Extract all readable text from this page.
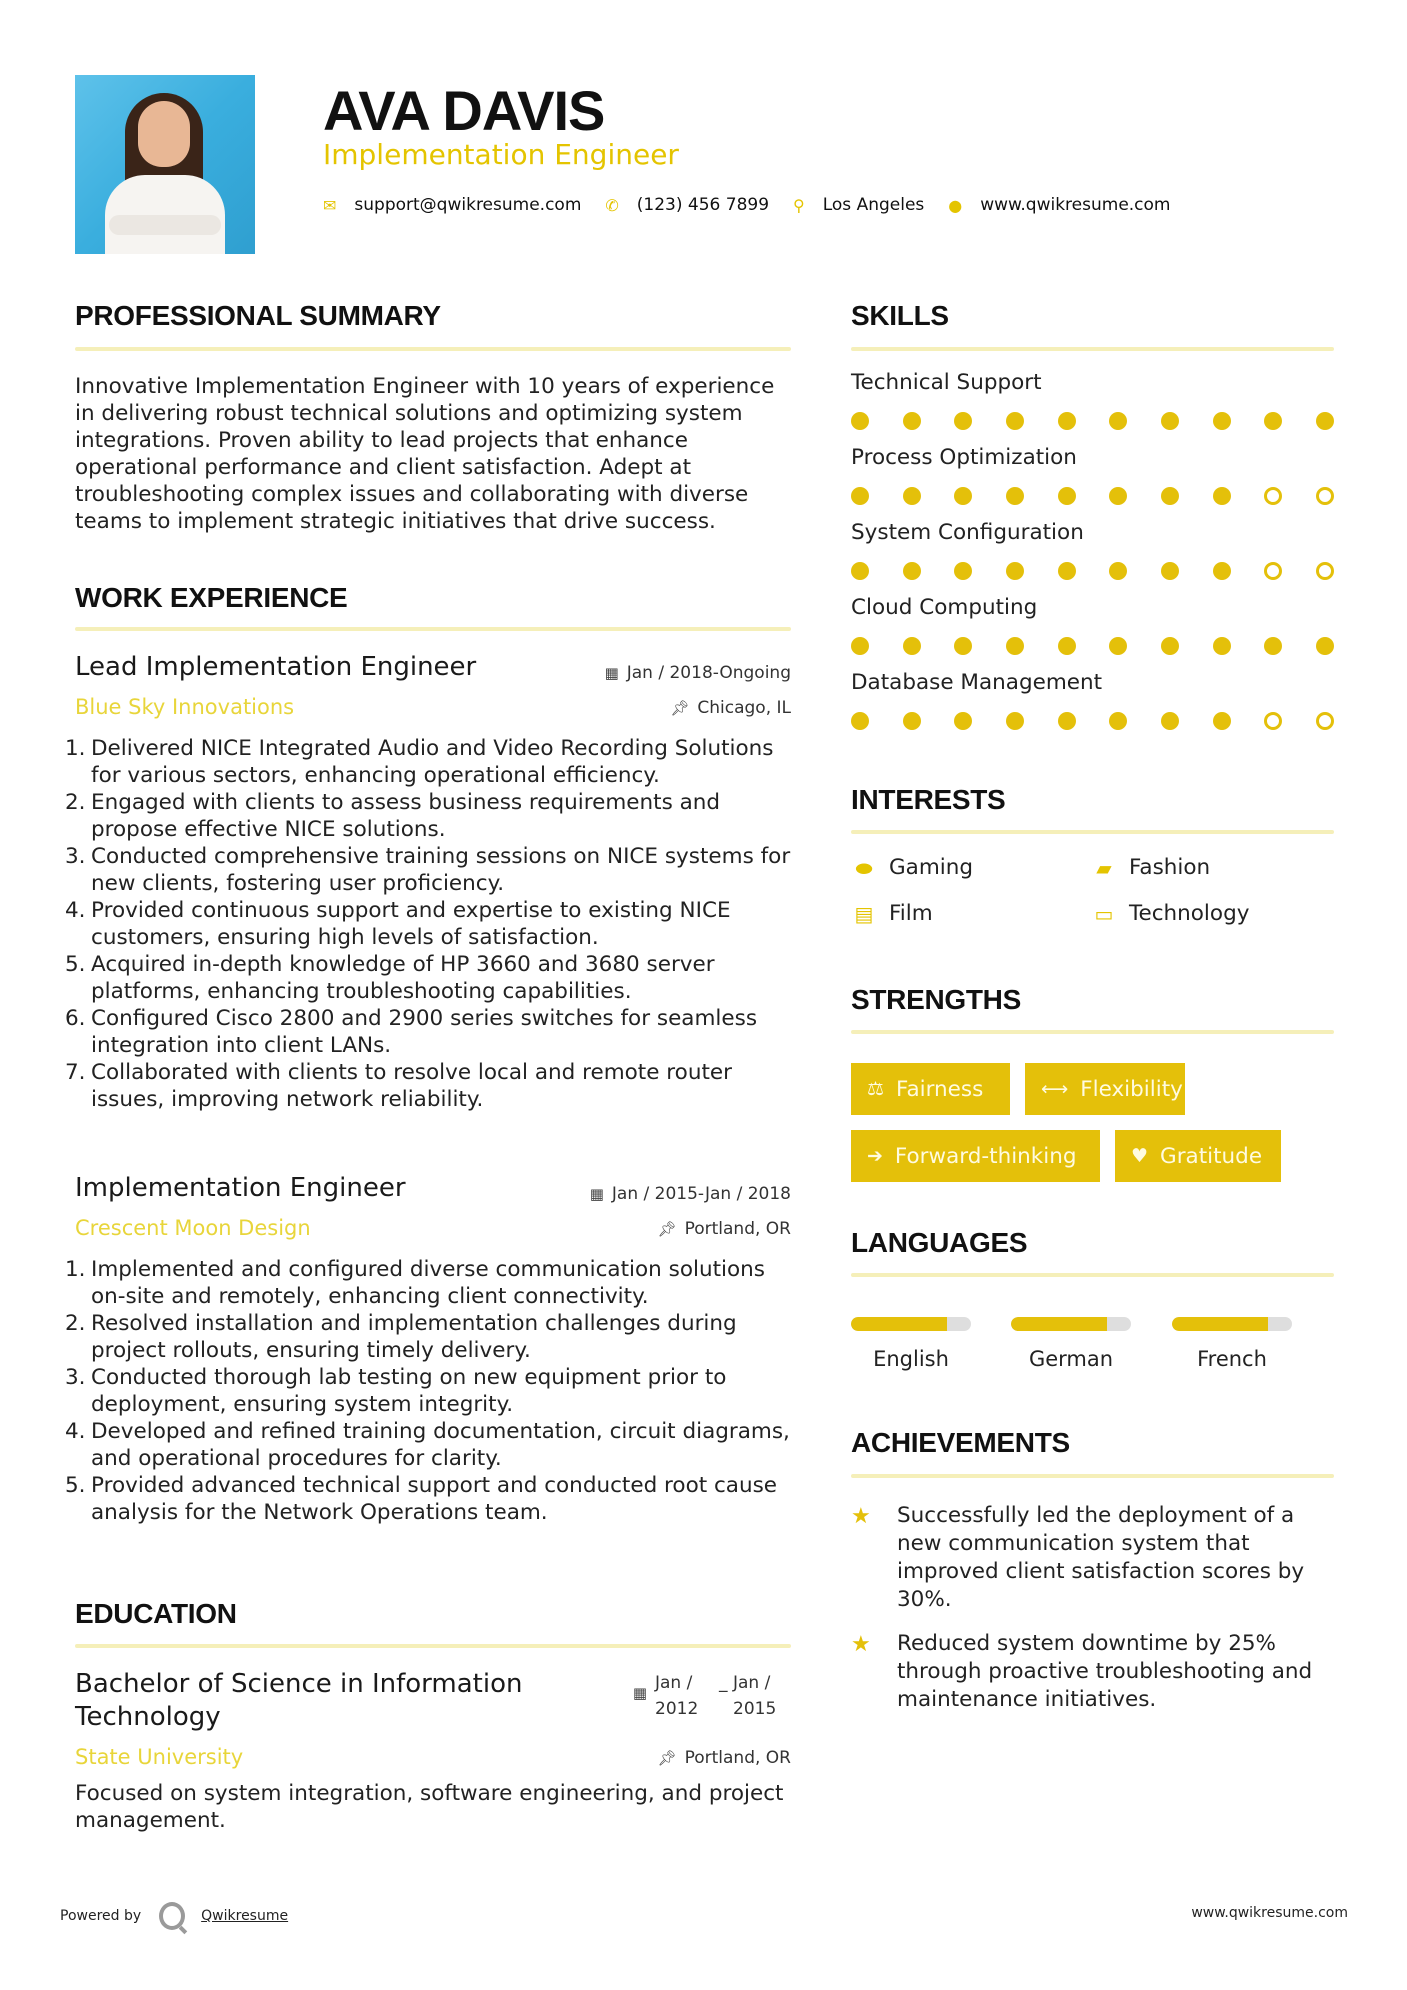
AVA DAVIS
Implementation Engineer
✉ support@qwikresume.com ✆ (123) 456 7899 ⚲ Los Angeles ● www.qwikresume.com
PROFESSIONAL SUMMARY
Innovative Implementation Engineer with 10 years of experience in delivering robust technical solutions and optimizing system integrations. Proven ability to lead projects that enhance operational performance and client satisfaction. Adept at troubleshooting complex issues and collaborating with diverse teams to implement strategic initiatives that drive success.
WORK EXPERIENCE
Lead Implementation Engineer	▦ Jan / 2018-Ongoing
Blue Sky Innovations	📌︎ Chicago, IL
1. Delivered NICE Integrated Audio and Video Recording Solutions for various sectors, enhancing operational efficiency.
2. Engaged with clients to assess business requirements and propose effective NICE solutions.
3. Conducted comprehensive training sessions on NICE systems for new clients, fostering user proficiency.
4. Provided continuous support and expertise to existing NICE customers, ensuring high levels of satisfaction.
5. Acquired in-depth knowledge of HP 3660 and 3680 server platforms, enhancing troubleshooting capabilities.
6. Configured Cisco 2800 and 2900 series switches for seamless integration into client LANs.
7. Collaborated with clients to resolve local and remote router issues, improving network reliability.
Implementation Engineer	▦ Jan / 2015-Jan / 2018
Crescent Moon Design	📌︎ Portland, OR
1. Implemented and configured diverse communication solutions on-site and remotely, enhancing client connectivity.
2. Resolved installation and implementation challenges during project rollouts, ensuring timely delivery.
3. Conducted thorough lab testing on new equipment prior to deployment, ensuring system integrity.
4. Developed and refined training documentation, circuit diagrams, and operational procedures for clarity.
5. Provided advanced technical support and conducted root cause analysis for the Network Operations team.
EDUCATION
Bachelor of Science in Information Technology
▦ Jan / 2012
_ Jan / 2015
State University	📌︎ Portland, OR
Focused on system integration, software engineering, and project management.
SKILLS
Technical Support
Process Optimization
System Configuration
Cloud Computing
Database Management
INTERESTS
⬬ Gaming	▰ Fashion
▤ Film	▭ Technology
STRENGTHS
⚖ Fairness	⟷ Flexibility
➔ Forward-thinking	♥ Gratitude
LANGUAGES
English	German	French
ACHIEVEMENTS
★	Successfully led the deployment of a new communication system that improved client satisfaction scores by 30%.
★	Reduced system downtime by 25% through proactive troubleshooting and maintenance initiatives.
Powered by	Qwikresume	www.qwikresume.com
